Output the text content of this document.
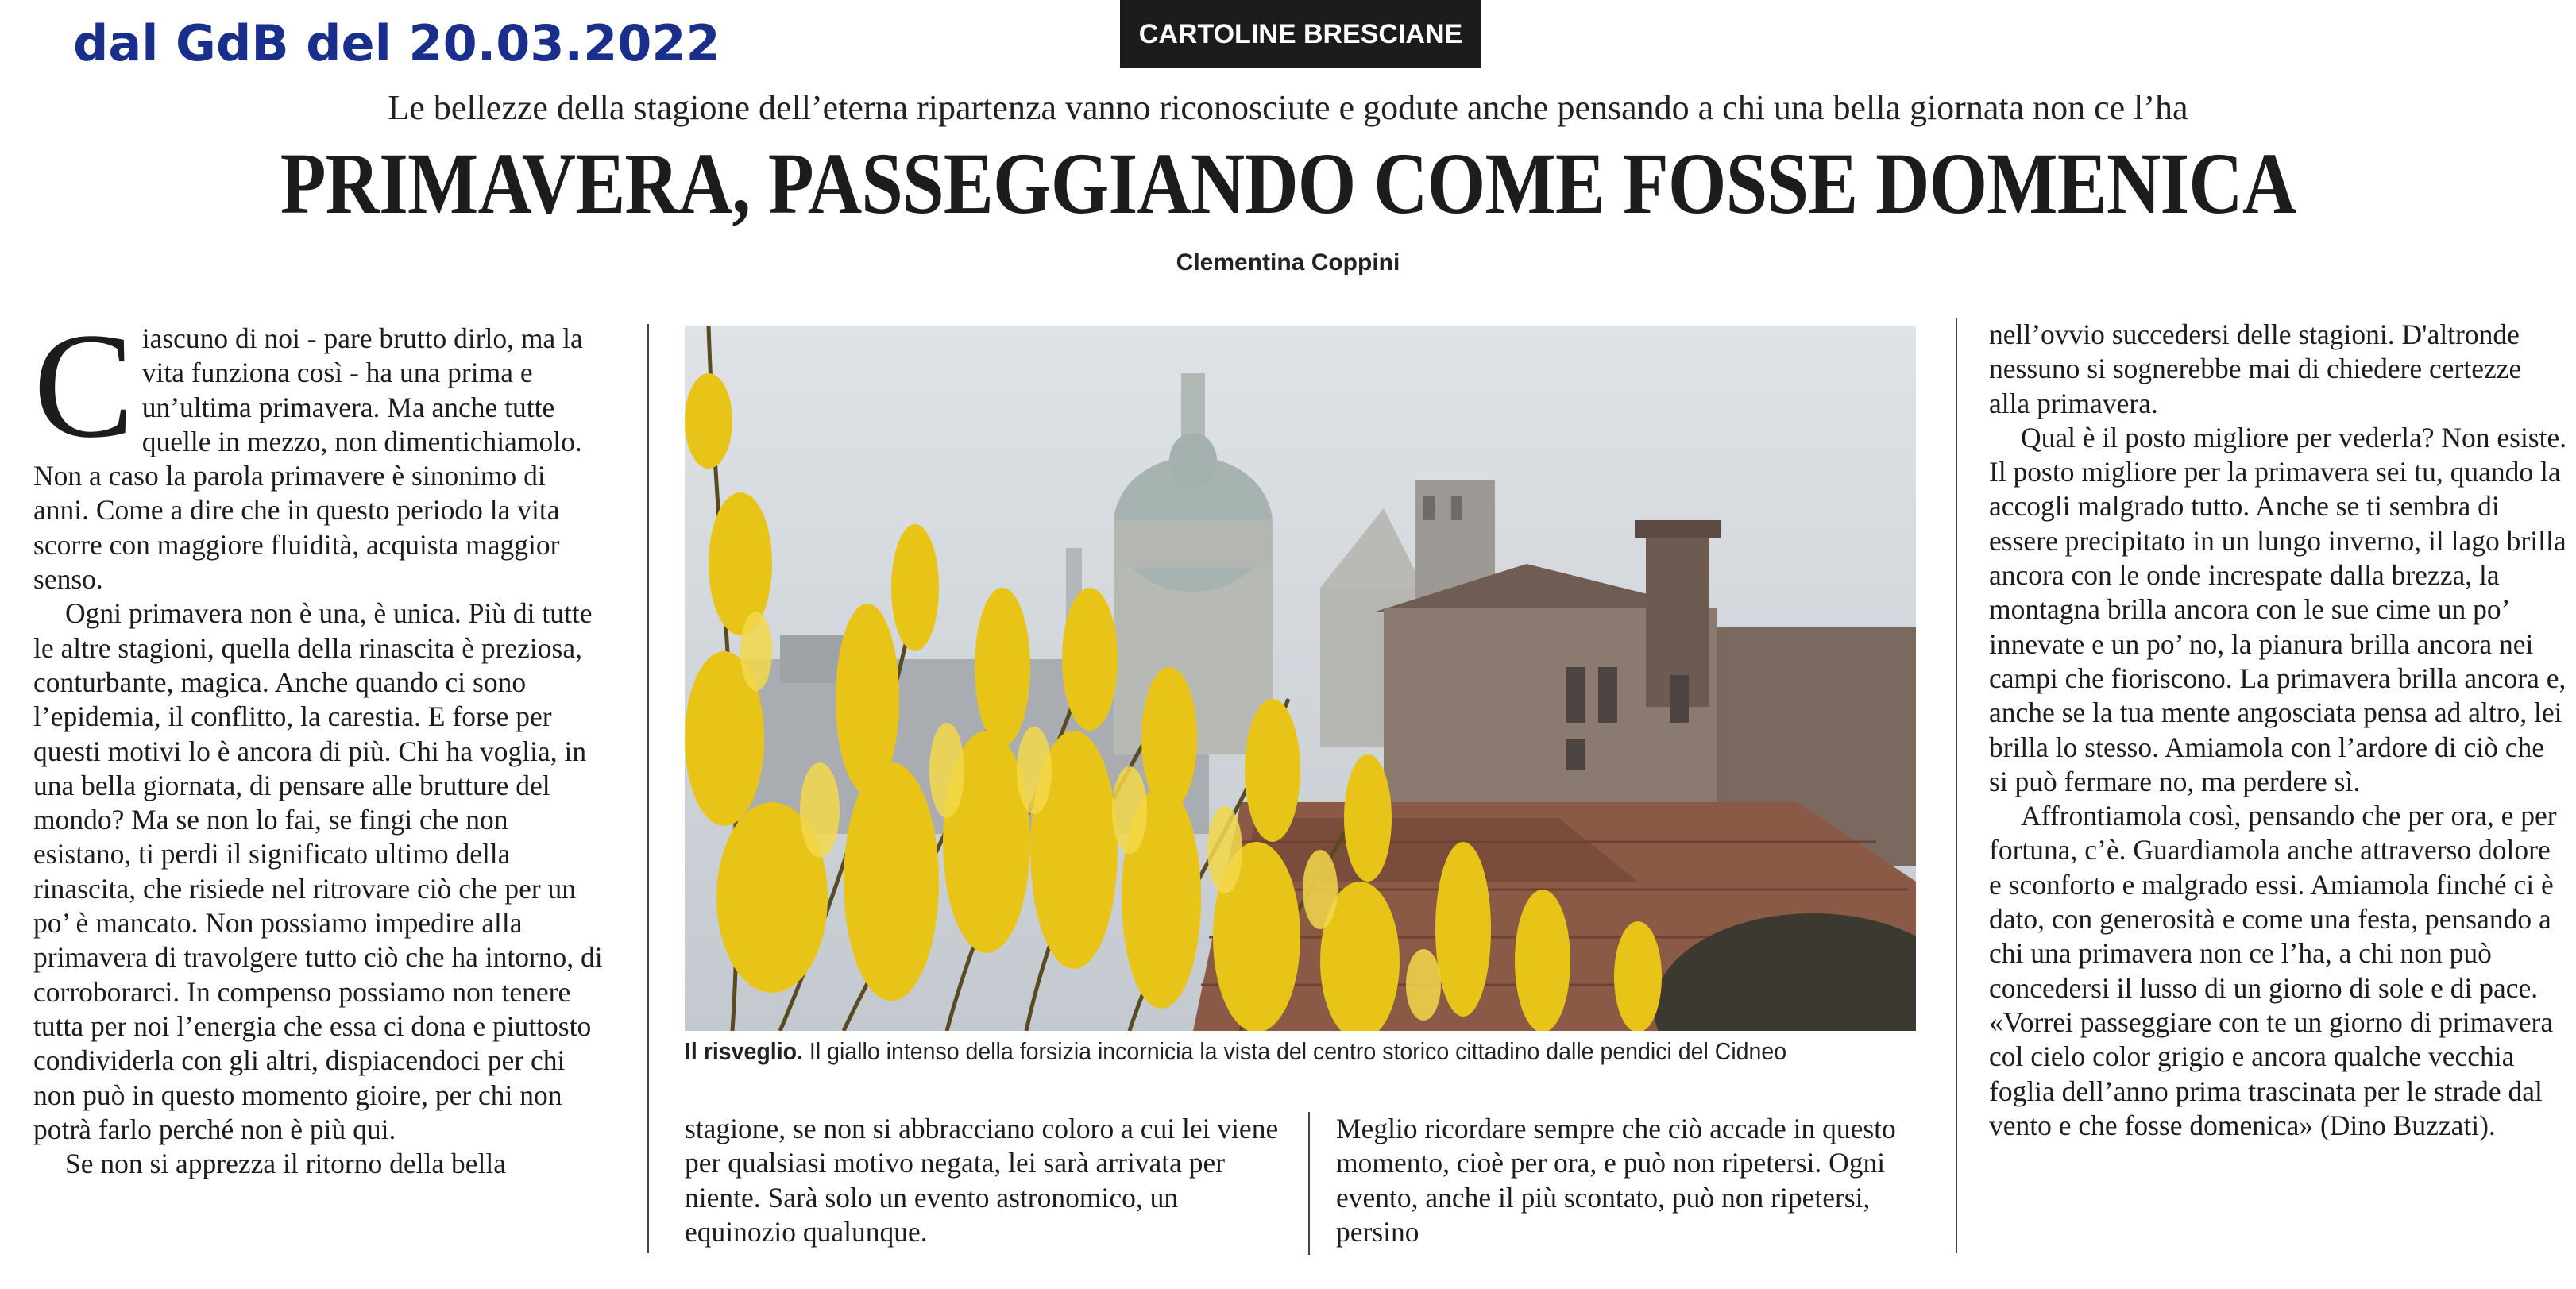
dal GdB del 20.03.2022	CARTOLINE BRESCIANE
Le bellezze della stagione dell’eterna ripartenza vanno riconosciute e godute anche pensando a chi una bella giornata non ce l’ha
PRIMAVERA, PASSEGGIANDO COME FOSSE DOMENICA
Clementina Coppini

Ciascuno di noi - pare brutto dirlo, ma la vita funziona così - ha una prima e un’ultima primavera. Ma anche tutte quelle in mezzo, non dimentichiamolo. Non a caso la parola primavere è sinonimo di anni. Come a dire che in questo periodo la vita scorre con maggiore fluidità, acquista maggior senso.

Ogni primavera non è una, è unica. Più di tutte le altre stagioni, quella della rinascita è preziosa, conturbante, magica. Anche quando ci sono l’epidemia, il conflitto, la carestia. E forse per questi motivi lo è ancora di più. Chi ha voglia, in una bella giornata, di pensare alle brutture del mondo? Ma se non lo fai, se fingi che non esistano, ti perdi il significato ultimo della rinascita, che risiede nel ritrovare ciò che per un po’ è mancato. Non possiamo impedire alla primavera di travolgere tutto ciò che ha intorno, di corroborarci. In compenso possiamo non tenere tutta per noi l’energia che essa ci dona e piuttosto condividerla con gli altri, dispiacendoci per chi non può in questo momento gioire, per chi non potrà farlo perché non è più qui.

Se non si apprezza il ritorno della bella

Il risveglio. Il giallo intenso della forsizia incornicia la vista del centro storico cittadino dalle pendici del Cidneo

stagione, se non si abbracciano coloro a cui lei viene per qualsiasi motivo negata, lei sarà arrivata per niente. Sarà solo un evento astronomico, un equinozio qualunque.

Meglio ricordare sempre che ciò accade in questo momento, cioè per ora, e può non ripetersi. Ogni evento, anche il più scontato, può non ripetersi, persino

nell’ovvio succedersi delle stagioni. D'altronde nessuno si sognerebbe mai di chiedere certezze alla primavera.

Qual è il posto migliore per vederla? Non esiste. Il posto migliore per la primavera sei tu, quando la accogli malgrado tutto. Anche se ti sembra di essere precipitato in un lungo inverno, il lago brilla ancora con le onde increspate dalla brezza, la montagna brilla ancora con le sue cime un po’ innevate e un po’ no, la pianura brilla ancora nei campi che fioriscono. La primavera brilla ancora e, anche se la tua mente angosciata pensa ad altro, lei brilla lo stesso. Amiamola con l’ardore di ciò che si può fermare no, ma perdere sì.

Affrontiamola così, pensando che per ora, e per fortuna, c’è. Guardiamola anche attraverso dolore e sconforto e malgrado essi. Amiamola finché ci è dato, con generosità e come una festa, pensando a chi una primavera non ce l’ha, a chi non può concedersi il lusso di un giorno di sole e di pace. «Vorrei passeggiare con te un giorno di primavera col cielo color grigio e ancora qualche vecchia foglia dell’anno prima trascinata per le strade dal vento e che fosse domenica» (Dino Buzzati).
